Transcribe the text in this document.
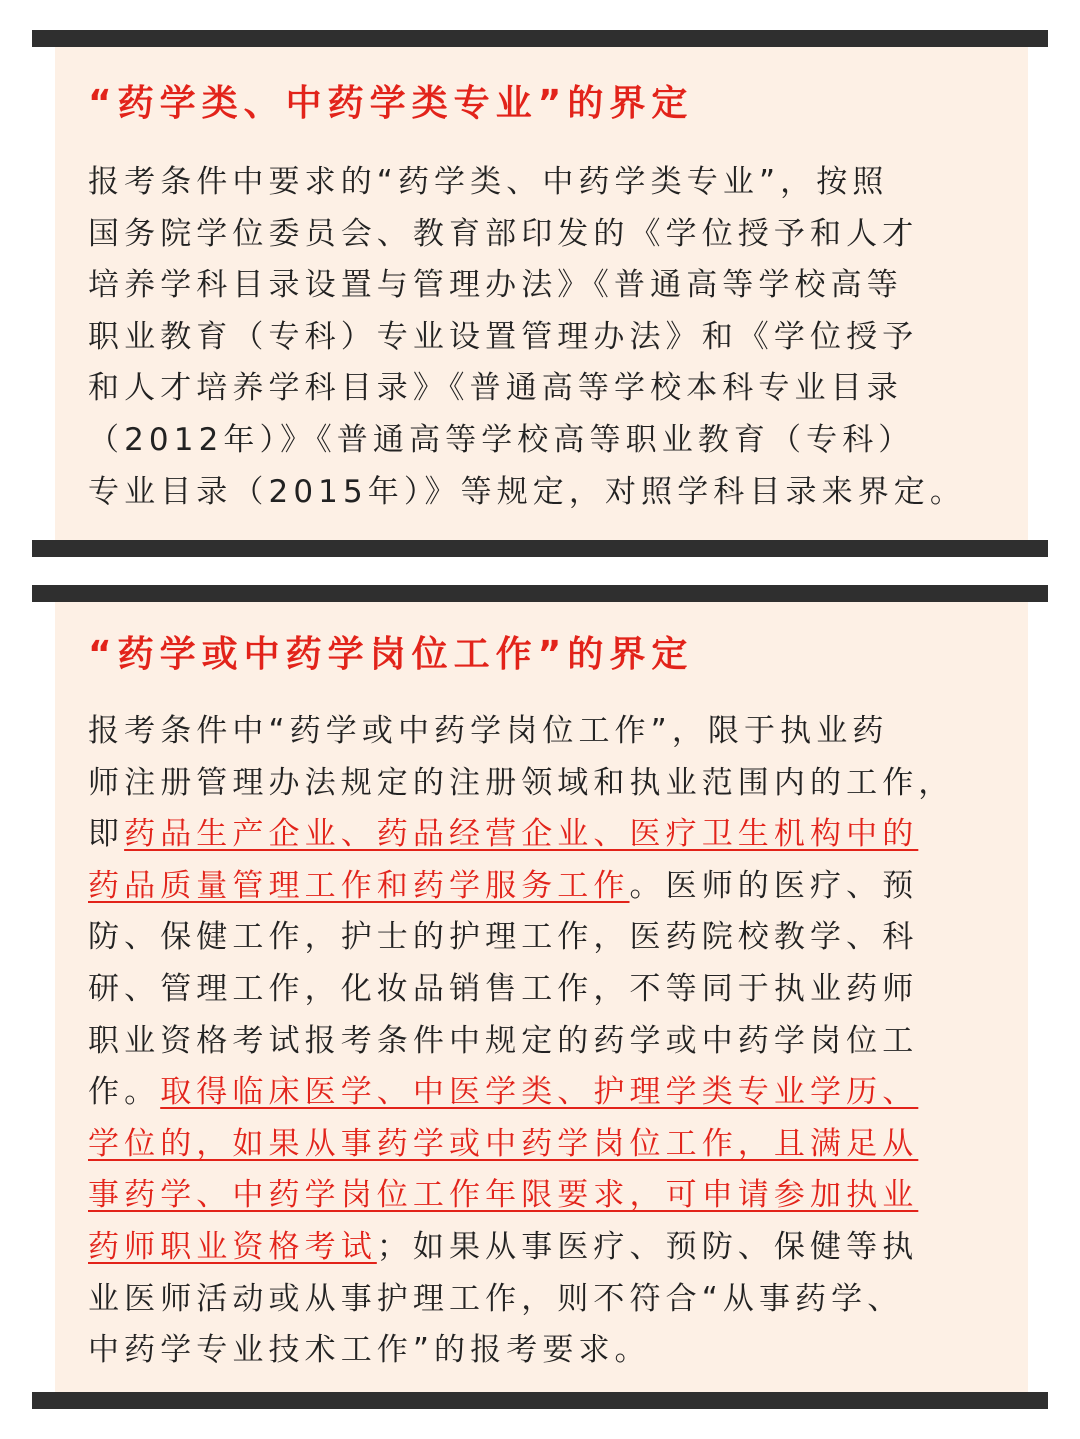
“药学类、中药学类专业”的界定
报考条件中要求的“药学类、中药学类专业”，按照
国务院学位委员会、教育部印发的《学位授予和人才
培养学科目录设置与管理办法》《普通高等学校高等
职业教育（专科）专业设置管理办法》和《学位授予
和人才培养学科目录》《普通高等学校本科专业目录
（2012年）》《普通高等学校高等职业教育（专科）
专业目录（2015年）》等规定，对照学科目录来界定。
“药学或中药学岗位工作”的界定
报考条件中“药学或中药学岗位工作”，限于执业药
师注册管理办法规定的注册领域和执业范围内的工作，
即药品生产企业、药品经营企业、医疗卫生机构中的
药品质量管理工作和药学服务工作。医师的医疗、预
防、保健工作，护士的护理工作，医药院校教学、科
研、管理工作，化妆品销售工作，不等同于执业药师
职业资格考试报考条件中规定的药学或中药学岗位工
作。取得临床医学、中医学类、护理学类专业学历、
学位的，如果从事药学或中药学岗位工作，且满足从
事药学、中药学岗位工作年限要求，可申请参加执业
药师职业资格考试；如果从事医疗、预防、保健等执
业医师活动或从事护理工作，则不符合“从事药学、
中药学专业技术工作”的报考要求。
